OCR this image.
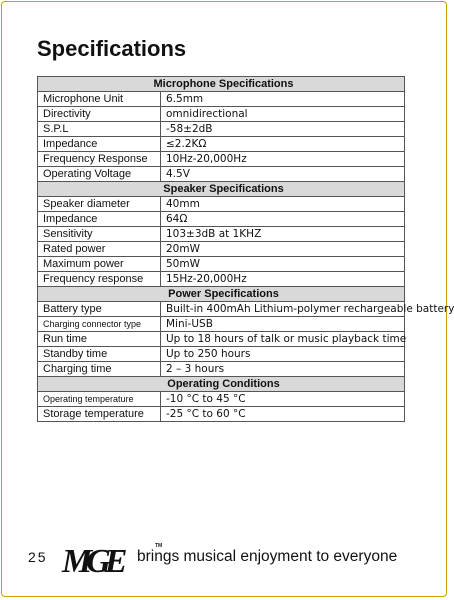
Specifications
Microphone Specifications	
Microphone Unit	6.5mm
Directivity	omnidirectional
S.P.L	-58±2dB
Impedance	≤2.2KΩ
Frequency Response	10Hz-20,000Hz
Operating Voltage	4.5V
Speaker Specifications	
Speaker diameter	40mm
Impedance	64Ω
Sensitivity	103±3dB at 1KHZ
Rated power	20mW
Maximum power	50mW
Frequency response	15Hz-20,000Hz
Power Specifications	
Battery type	Built-in 400mAh Lithium-polymer rechargeable battery
Charging connector type	Mini-USB
Run time	Up to 18 hours of talk or music playback time
Standby time	Up to 250 hours
Charging time	2 – 3 hours
Operating Conditions	
Operating temperature	-10 °C to 45 °C
Storage temperature	-25 °C to 60 °C
25 MGE	TM
brings musical enjoyment to everyone
